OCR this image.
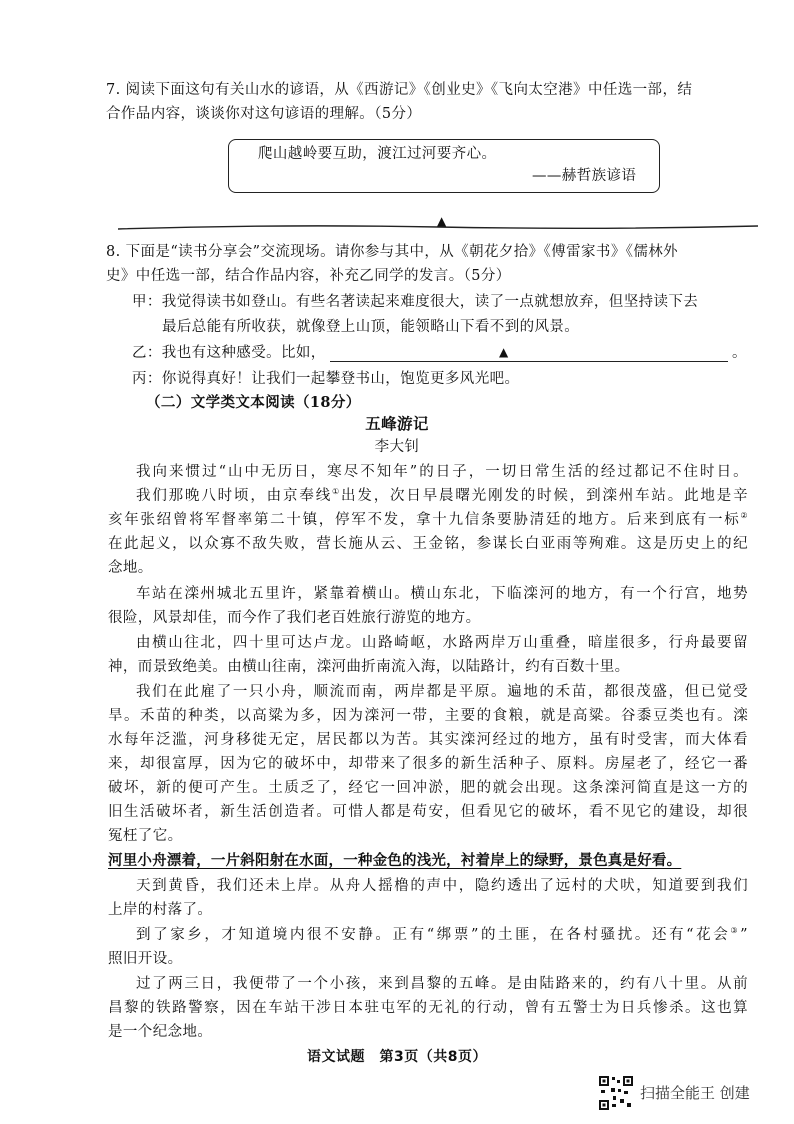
7. 阅读下面这句有关山水的谚语，从《西游记》《创业史》《飞向太空港》中任选一部，结

合作品内容，谈谈你对这句谚语的理解。（5分）

爬山越岭要互助，渡江过河要齐心。

——赫哲族谚语

▲

8. 下面是“读书分享会”交流现场。请你参与其中，从《朝花夕拾》《傅雷家书》《儒林外

史》中任选一部，结合作品内容，补充乙同学的发言。（5分）

甲：我觉得读书如登山。有些名著读起来难度很大，读了一点就想放弃，但坚持读下去

最后总能有所收获，就像登上山顶，能领略山下看不到的风景。

乙：我也有这种感受。比如，	▲	。

丙：你说得真好！让我们一起攀登书山，饱览更多风光吧。

（二）文学类文本阅读（18分）

五峰游记

李大钊

我向来惯过“山中无历日，寒尽不知年”的日子，一切日常生活的经过都记不住时日。

我们那晚八时顷，由京奉线①出发，次日早晨曙光刚发的时候，到滦州车站。此地是辛

亥年张绍曾将军督率第二十镇，停军不发，拿十九信条要胁清廷的地方。后来到底有一标②

在此起义，以众寡不敌失败，营长施从云、王金铭，参谋长白亚雨等殉难。这是历史上的纪

念地。

车站在滦州城北五里许，紧靠着横山。横山东北，下临滦河的地方，有一个行宫，地势

很险，风景却佳，而今作了我们老百姓旅行游览的地方。

由横山往北，四十里可达卢龙。山路崎岖，水路两岸万山重叠，暗崖很多，行舟最要留

神，而景致绝美。由横山往南，滦河曲折南流入海，以陆路计，约有百数十里。

我们在此雇了一只小舟，顺流而南，两岸都是平原。遍地的禾苗，都很茂盛，但已觉受

旱。禾苗的种类，以高粱为多，因为滦河一带，主要的食粮，就是高粱。谷黍豆类也有。滦

水每年泛滥，河身移徙无定，居民都以为苦。其实滦河经过的地方，虽有时受害，而大体看

来，却很富厚，因为它的破坏中，却带来了很多的新生活种子、原料。房屋老了，经它一番

破坏，新的便可产生。土质乏了，经它一回冲淤，肥的就会出现。这条滦河简直是这一方的

旧生活破坏者，新生活创造者。可惜人都是苟安，但看见它的破坏，看不见它的建设，却很

冤枉了它。

河里小舟漂着，一片斜阳射在水面，一种金色的浅光，衬着岸上的绿野，景色真是好看。

天到黄昏，我们还未上岸。从舟人摇橹的声中，隐约透出了远村的犬吠，知道要到我们

上岸的村落了。

到了家乡，才知道境内很不安静。正有“绑票”的土匪，在各村骚扰。还有“花会③”

照旧开设。

过了两三日，我便带了一个小孩，来到昌黎的五峰。是由陆路来的，约有八十里。从前

昌黎的铁路警察，因在车站干涉日本驻屯军的无礼的行动，曾有五警士为日兵惨杀。这也算

是一个纪念地。

语文试题　第3页（共8页）
扫描全能王 创建
